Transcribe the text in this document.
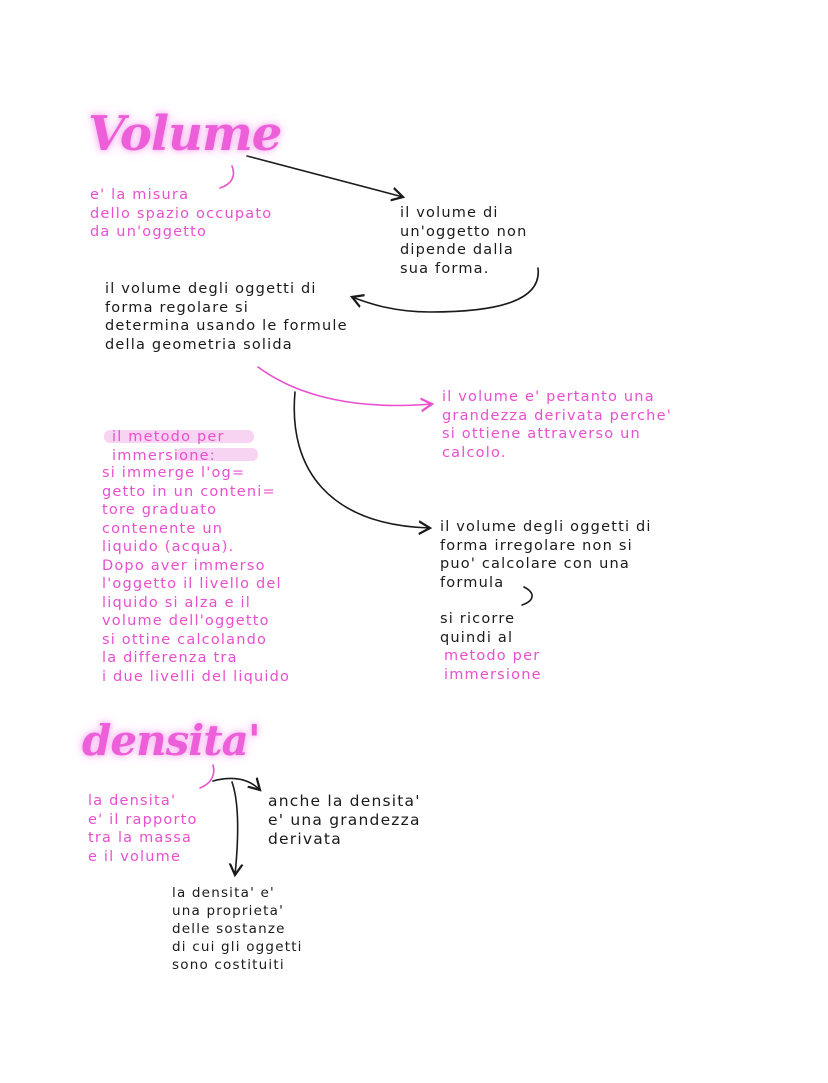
Volume
e' la misura
dello spazio occupato
da un'oggetto
il volume di
un'oggetto non
dipende dalla
sua forma.
il volume degli oggetti di
forma regolare si
determina usando le formule
della geometria solida
il volume e' pertanto una
grandezza derivata perche'
si ottiene attraverso un
calcolo.
il metodo per
immersione:
si immerge l'og=
getto in un conteni=
tore graduato
contenente un
liquido (acqua).
Dopo aver immerso
l'oggetto il livello del
liquido si alza e il
volume dell'oggetto
si ottine calcolando
la differenza tra
i due livelli del liquido
il volume degli oggetti di
forma irregolare non si
puo' calcolare con una
formula
si ricorre
quindi al
metodo per
immersione
densita'
la densita'
e' il rapporto
tra la massa
e il volume
anche la densita'
e' una grandezza
derivata
la densita' e'
una proprieta'
delle sostanze
di cui gli oggetti
sono costituiti
